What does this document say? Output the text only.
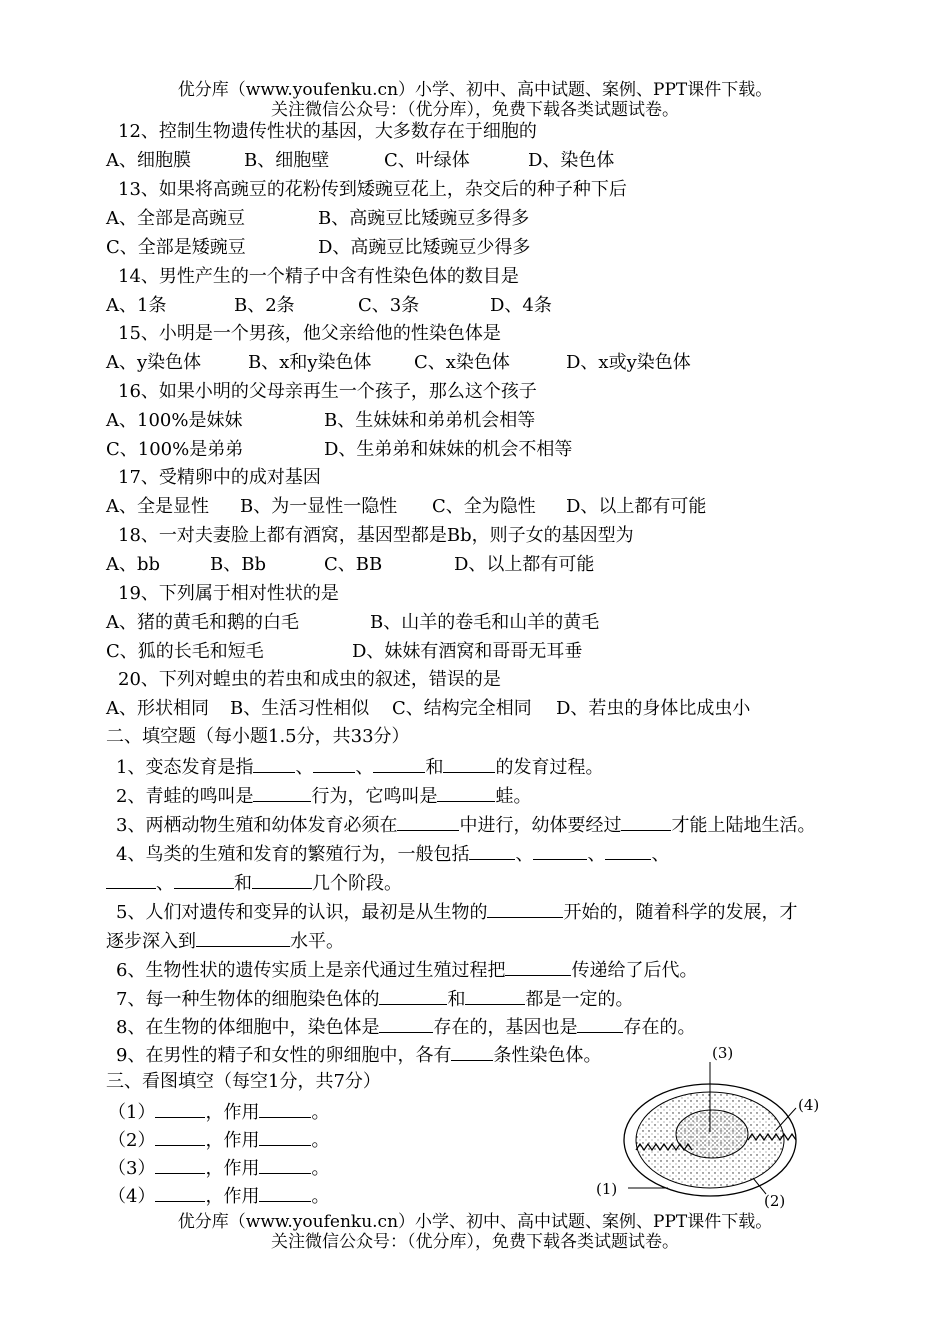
优分库（www.youfenku.cn）小学、初中、高中试题、案例、PPT课件下载。
关注微信公众号：（优分库），免费下载各类试题试卷。
12、控制生物遗传性状的基因，大多数存在于细胞的
A、细胞膜	B、细胞壁	C、叶绿体	D、染色体
13、如果将高豌豆的花粉传到矮豌豆花上，杂交后的种子种下后
A、全部是高豌豆	B、高豌豆比矮豌豆多得多
C、全部是矮豌豆	D、高豌豆比矮豌豆少得多
14、男性产生的一个精子中含有性染色体的数目是
A、1条	B、2条	C、3条	D、4条
15、小明是一个男孩，他父亲给他的性染色体是
A、y染色体	B、x和y染色体 C、x染色体	D、x或y染色体
16、如果小明的父母亲再生一个孩子，那么这个孩子
A、100%是妹妹	B、生妹妹和弟弟机会相等
C、100%是弟弟	D、生弟弟和妹妹的机会不相等
17、受精卵中的成对基因
A、全是显性 B、为一显性一隐性 C、全为隐性 D、以上都有可能
18、一对夫妻脸上都有酒窝，基因型都是Bb，则子女的基因型为
A、bb	B、Bb	C、BB	D、以上都有可能
19、下列属于相对性状的是
A、猪的黄毛和鹅的白毛	B、山羊的卷毛和山羊的黄毛
C、狐的长毛和短毛	D、妹妹有酒窝和哥哥无耳垂
20、下列对蝗虫的若虫和成虫的叙述，错误的是
A、形状相同 B、生活习性相似 C、结构完全相同 D、若虫的身体比成虫小
二、填空题（每小题1.5分，共33分）
1、变态发育是指 、 、	和	的发育过程。
2、青蛙的鸣叫是	行为，它鸣叫是	蛙。
3、两栖动物生殖和幼体发育必须在	中进行，幼体要经过	才能上陆地生活。
4、鸟类的生殖和发育的繁殖行为，一般包括	、	、	、
、	和	几个阶段。
5、人们对遗传和变异的认识，最初是从生物的	开始的，随着科学的发展，才
逐步深入到	水平。
6、生物性状的遗传实质上是亲代通过生殖过程把	传递给了后代。
7、每一种生物体的细胞染色体的	和	都是一定的。
8、在生物的体细胞中，染色体是	存在的，基因也是	存在的。
9、在男性的精子和女性的卵细胞中，各有 条性染色体。
三、看图填空（每空1分，共7分）
（1）	，作用	。
（2）	，作用	。
（3）	，作用	。
（4）	，作用	。
(3)
(4)
(1)
(2)
优分库（www.youfenku.cn）小学、初中、高中试题、案例、PPT课件下载。
关注微信公众号：（优分库），免费下载各类试题试卷。
